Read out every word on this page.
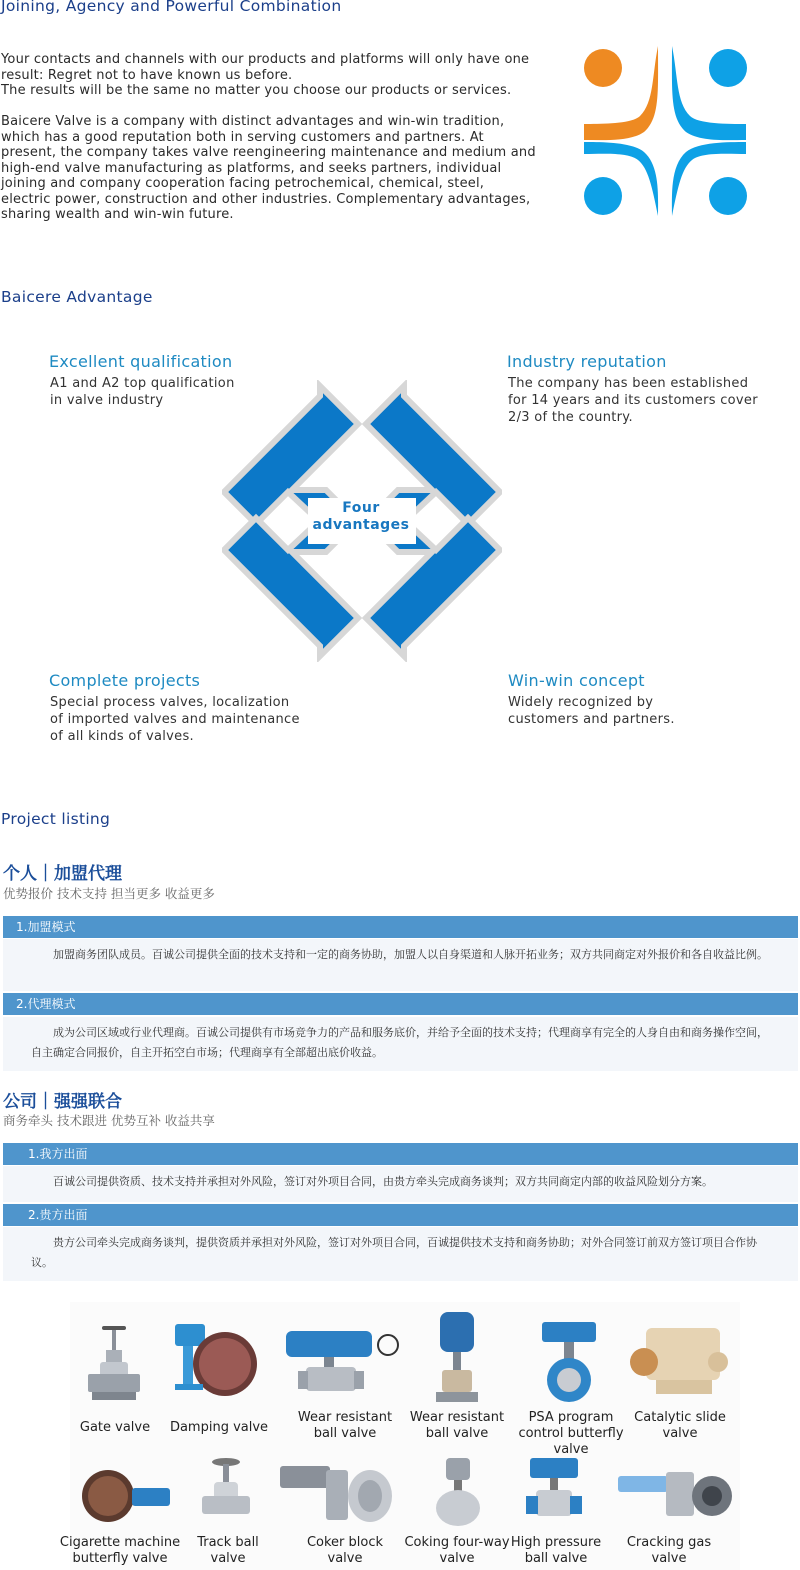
Joining, Agency and Powerful Combination
Your contacts and channels with our products and platforms will only have one result: Regret not to have known us before.
The results will be the same no matter you choose our products or services.
Baicere Valve is a company with distinct advantages and win-win tradition, which has a good reputation both in serving customers and partners. At present, the company takes valve reengineering maintenance and medium and high-end valve manufacturing as platforms, and seeks partners, individual joining and company cooperation facing petrochemical, chemical, steel, electric power, construction and other industries. Complementary advantages, sharing wealth and win-win future.
Baicere Advantage
Excellent qualification
A1 and A2 top qualification in valve industry
Industry reputation
The company has been established for 14 years and its customers cover 2/3 of the country.
Complete projects
Special process valves, localization of imported valves and maintenance of all kinds of valves.
Win-win concept
Widely recognized by customers and partners.
Four
advantages
Project listing
个人｜加盟代理
优势报价 技术支持 担当更多 收益更多
1.加盟模式
加盟商务团队成员。百诚公司提供全面的技术支持和一定的商务协助，加盟人以自身渠道和人脉开拓业务；双方共同商定对外报价和各自收益比例。
2.代理模式
成为公司区域或行业代理商。百诚公司提供有市场竞争力的产品和服务底价，并给予全面的技术支持；代理商享有完全的人身自由和商务操作空间，自主确定合同报价，自主开拓空白市场；代理商享有全部超出底价收益。
公司｜强强联合
商务牵头 技术跟进 优势互补 收益共享
1.我方出面
百诚公司提供资质、技术支持并承担对外风险，签订对外项目合同，由贵方牵头完成商务谈判；双方共同商定内部的收益风险划分方案。
2.贵方出面
贵方公司牵头完成商务谈判，提供资质并承担对外风险，签订对外项目合同，百诚提供技术支持和商务协助；对外合同签订前双方签订项目合作协议。
Gate valve	Damping valve
Wear resistant ball valve
Wear resistant ball valve
PSA program control butterfly valve
Catalytic slide valve
Cigarette machine butterfly valve
Track ball valve
Coker block valve
Coking four-way valve
High pressure ball valve
Cracking gas valve
